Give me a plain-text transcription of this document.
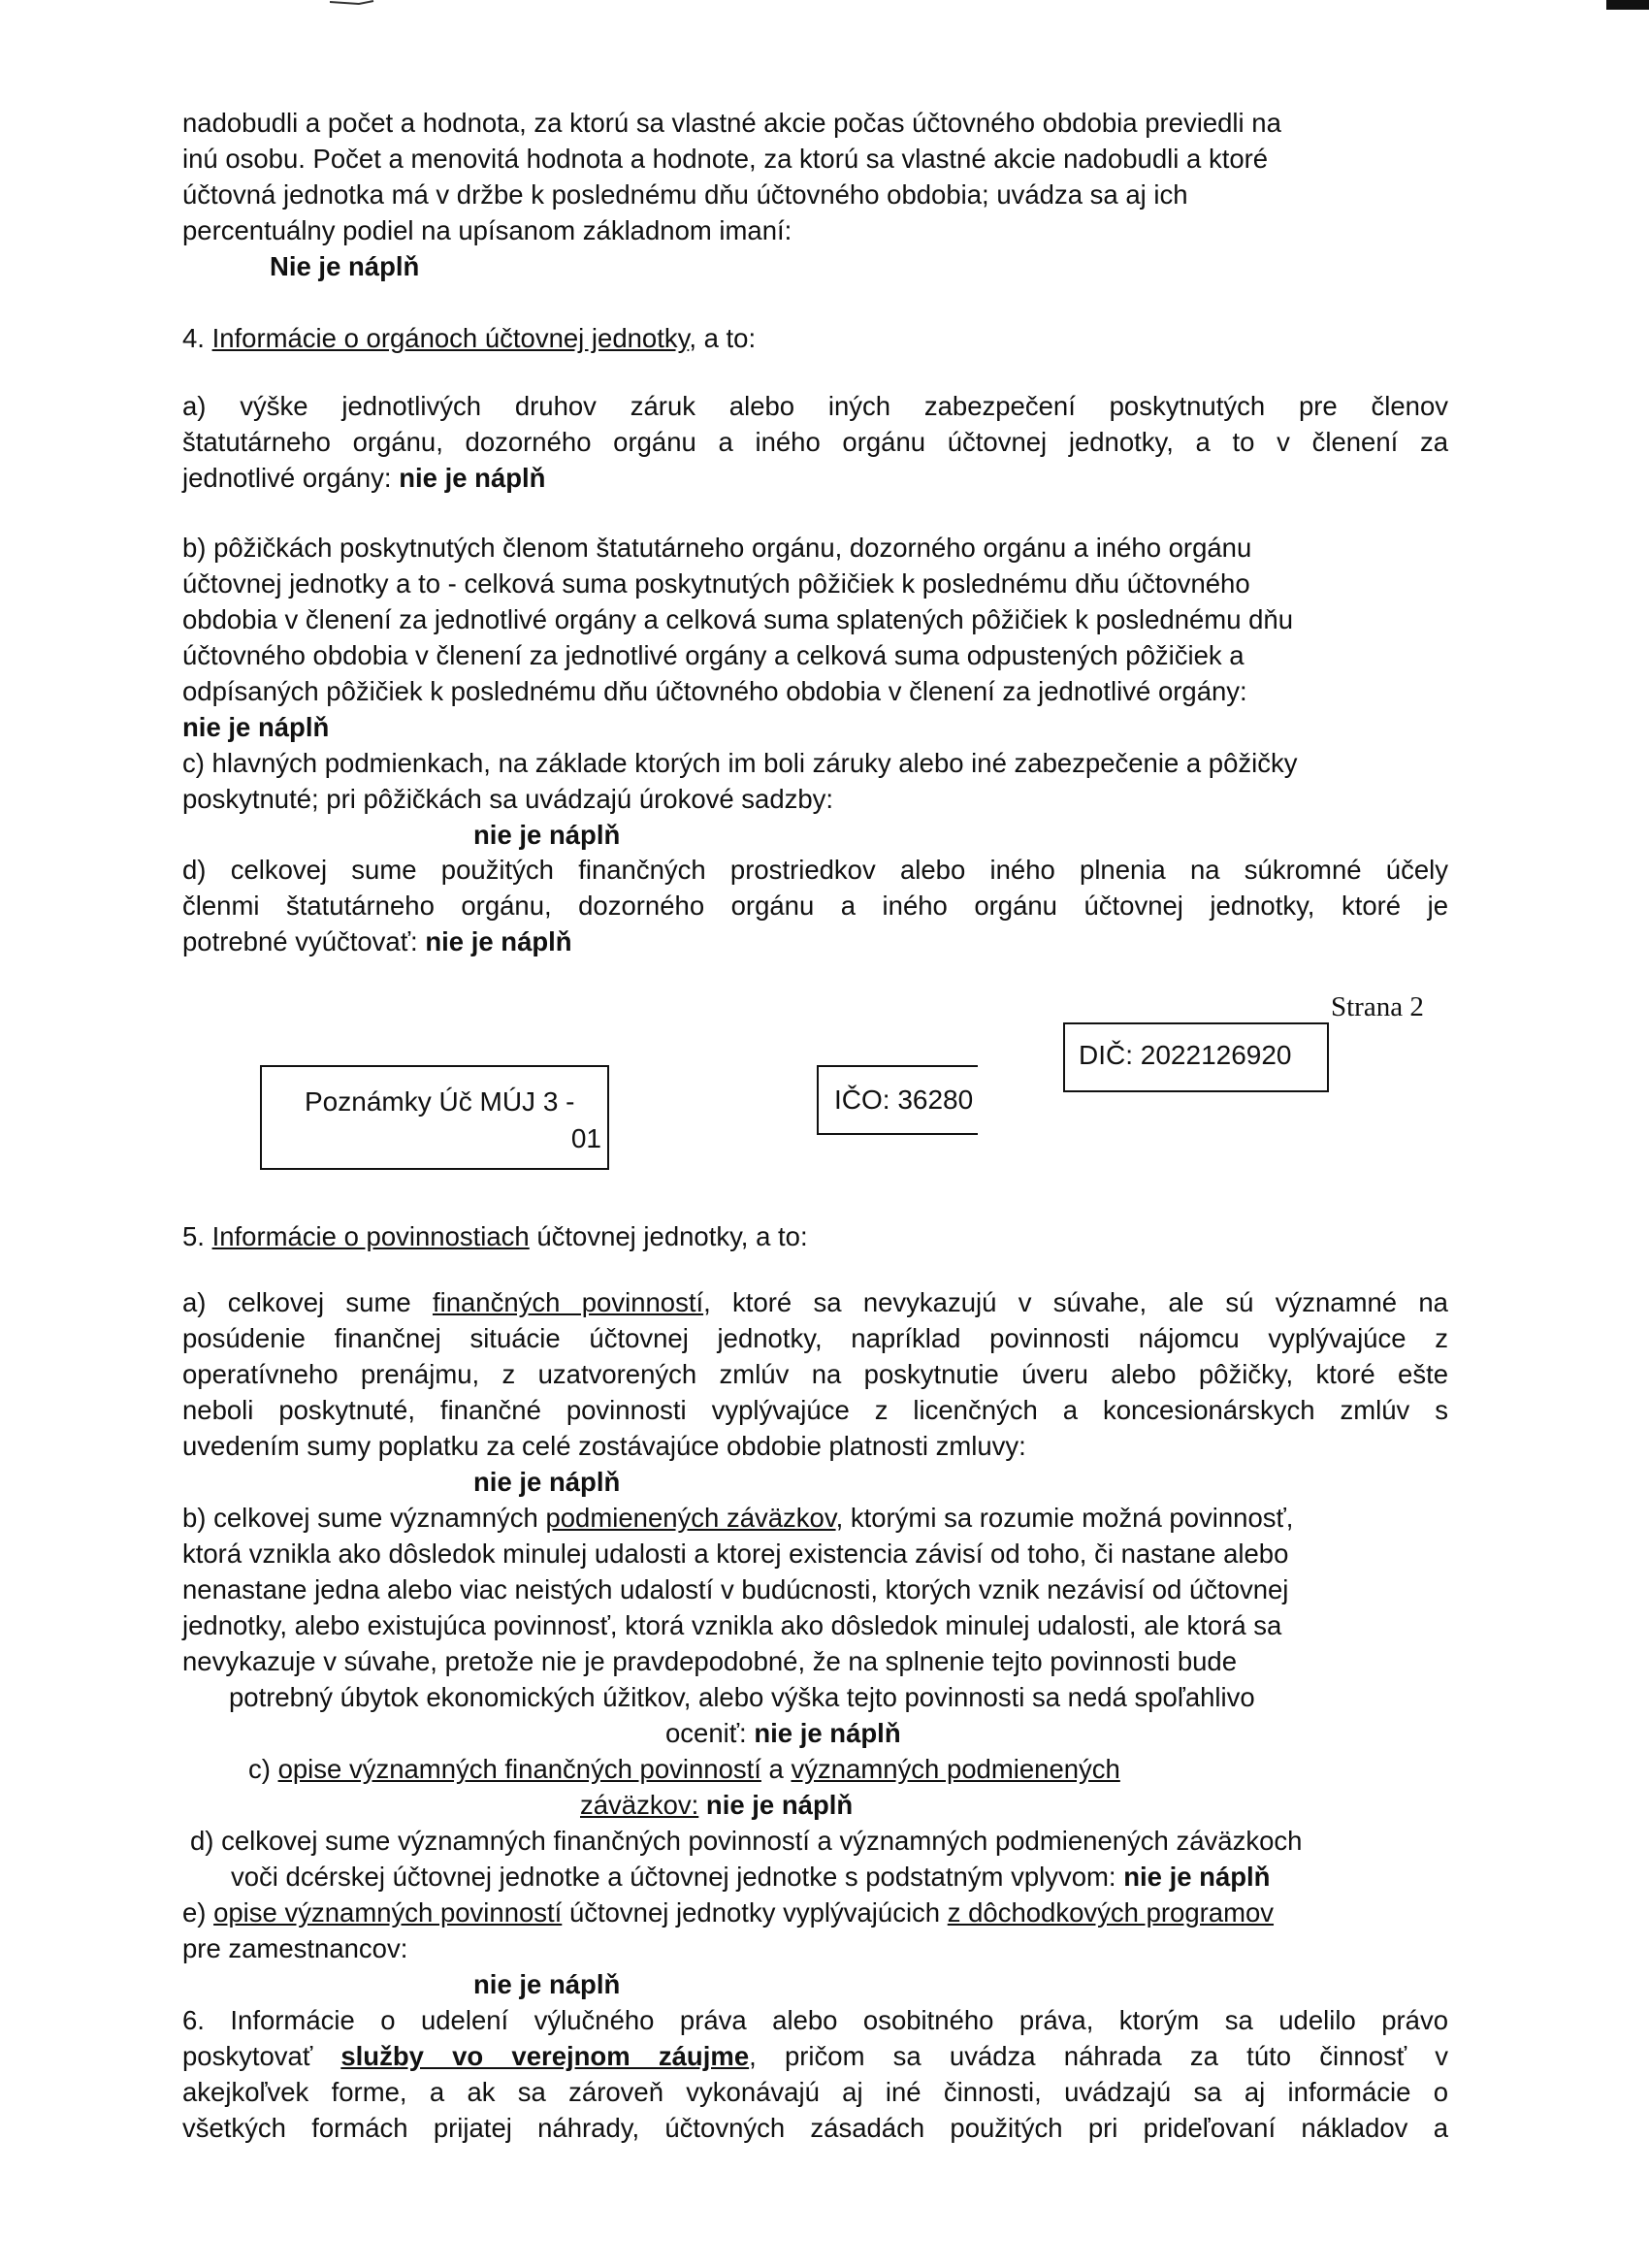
nadobudli a počet a hodnota, za ktorú sa vlastné akcie počas účtovného obdobia previedli na
inú osobu. Počet a menovitá hodnota a hodnote, za ktorú sa vlastné akcie nadobudli a ktoré
účtovná jednotka má v držbe k poslednému dňu účtovného obdobia; uvádza sa aj ich
percentuálny podiel na upísanom základnom imaní:
Nie je náplň
4. Informácie o orgánoch účtovnej jednotky, a to:
a) výške jednotlivých druhov záruk alebo iných zabezpečení poskytnutých pre členov
štatutárneho orgánu, dozorného orgánu a iného orgánu účtovnej jednotky, a to v členení za
jednotlivé orgány: nie je náplň
b) pôžičkách poskytnutých členom štatutárneho orgánu, dozorného orgánu a iného orgánu
účtovnej jednotky a to - celková suma poskytnutých pôžičiek k poslednému dňu účtovného
obdobia v členení za jednotlivé orgány a celková suma splatených pôžičiek k poslednému dňu
účtovného obdobia v členení za jednotlivé orgány a celková suma odpustených pôžičiek a
odpísaných pôžičiek k poslednému dňu účtovného obdobia v členení za jednotlivé orgány:
nie je náplň
c) hlavných podmienkach, na základe ktorých im boli záruky alebo iné zabezpečenie a pôžičky
poskytnuté; pri pôžičkách sa uvádzajú úrokové sadzby:
nie je náplň
d) celkovej sume použitých finančných prostriedkov alebo iného plnenia na súkromné účely
členmi štatutárneho orgánu, dozorného orgánu a iného orgánu účtovnej jednotky, ktoré je
potrebné vyúčtovať: nie je náplň
Strana 2
DIČ: 2022126920
Poznámky Úč MÚJ 3 -
01
IČO: 36280
5. Informácie o povinnostiach účtovnej jednotky, a to:
a) celkovej sume finančných povinností, ktoré sa nevykazujú v súvahe, ale sú významné na
posúdenie finančnej situácie účtovnej jednotky, napríklad povinnosti nájomcu vyplývajúce z
operatívneho prenájmu, z uzatvorených zmlúv na poskytnutie úveru alebo pôžičky, ktoré ešte
neboli poskytnuté, finančné povinnosti vyplývajúce z licenčných a koncesionárskych zmlúv s
uvedením sumy poplatku za celé zostávajúce obdobie platnosti zmluvy:
nie je náplň
b) celkovej sume významných podmienených záväzkov, ktorými sa rozumie možná povinnosť,
ktorá vznikla ako dôsledok minulej udalosti a ktorej existencia závisí od toho, či nastane alebo
nenastane jedna alebo viac neistých udalostí v budúcnosti, ktorých vznik nezávisí od účtovnej
jednotky, alebo existujúca povinnosť, ktorá vznikla ako dôsledok minulej udalosti, ale ktorá sa
nevykazuje v súvahe, pretože nie je pravdepodobné, že na splnenie tejto povinnosti bude
potrebný úbytok ekonomických úžitkov, alebo výška tejto povinnosti sa nedá spoľahlivo
oceniť: nie je náplň
c) opise významných finančných povinností a významných podmienených
záväzkov: nie je náplň
d) celkovej sume významných finančných povinností a významných podmienených záväzkoch
voči dcérskej účtovnej jednotke a účtovnej jednotke s podstatným vplyvom: nie je náplň
e) opise významných povinností účtovnej jednotky vyplývajúcich z dôchodkových programov
pre zamestnancov:
nie je náplň
6. Informácie o udelení výlučného práva alebo osobitného práva, ktorým sa udelilo právo
poskytovať služby vo verejnom záujme, pričom sa uvádza náhrada za túto činnosť v
akejkoľvek forme, a ak sa zároveň vykonávajú aj iné činnosti, uvádzajú sa aj informácie o
všetkých formách prijatej náhrady, účtovných zásadách použitých pri prideľovaní nákladov a
